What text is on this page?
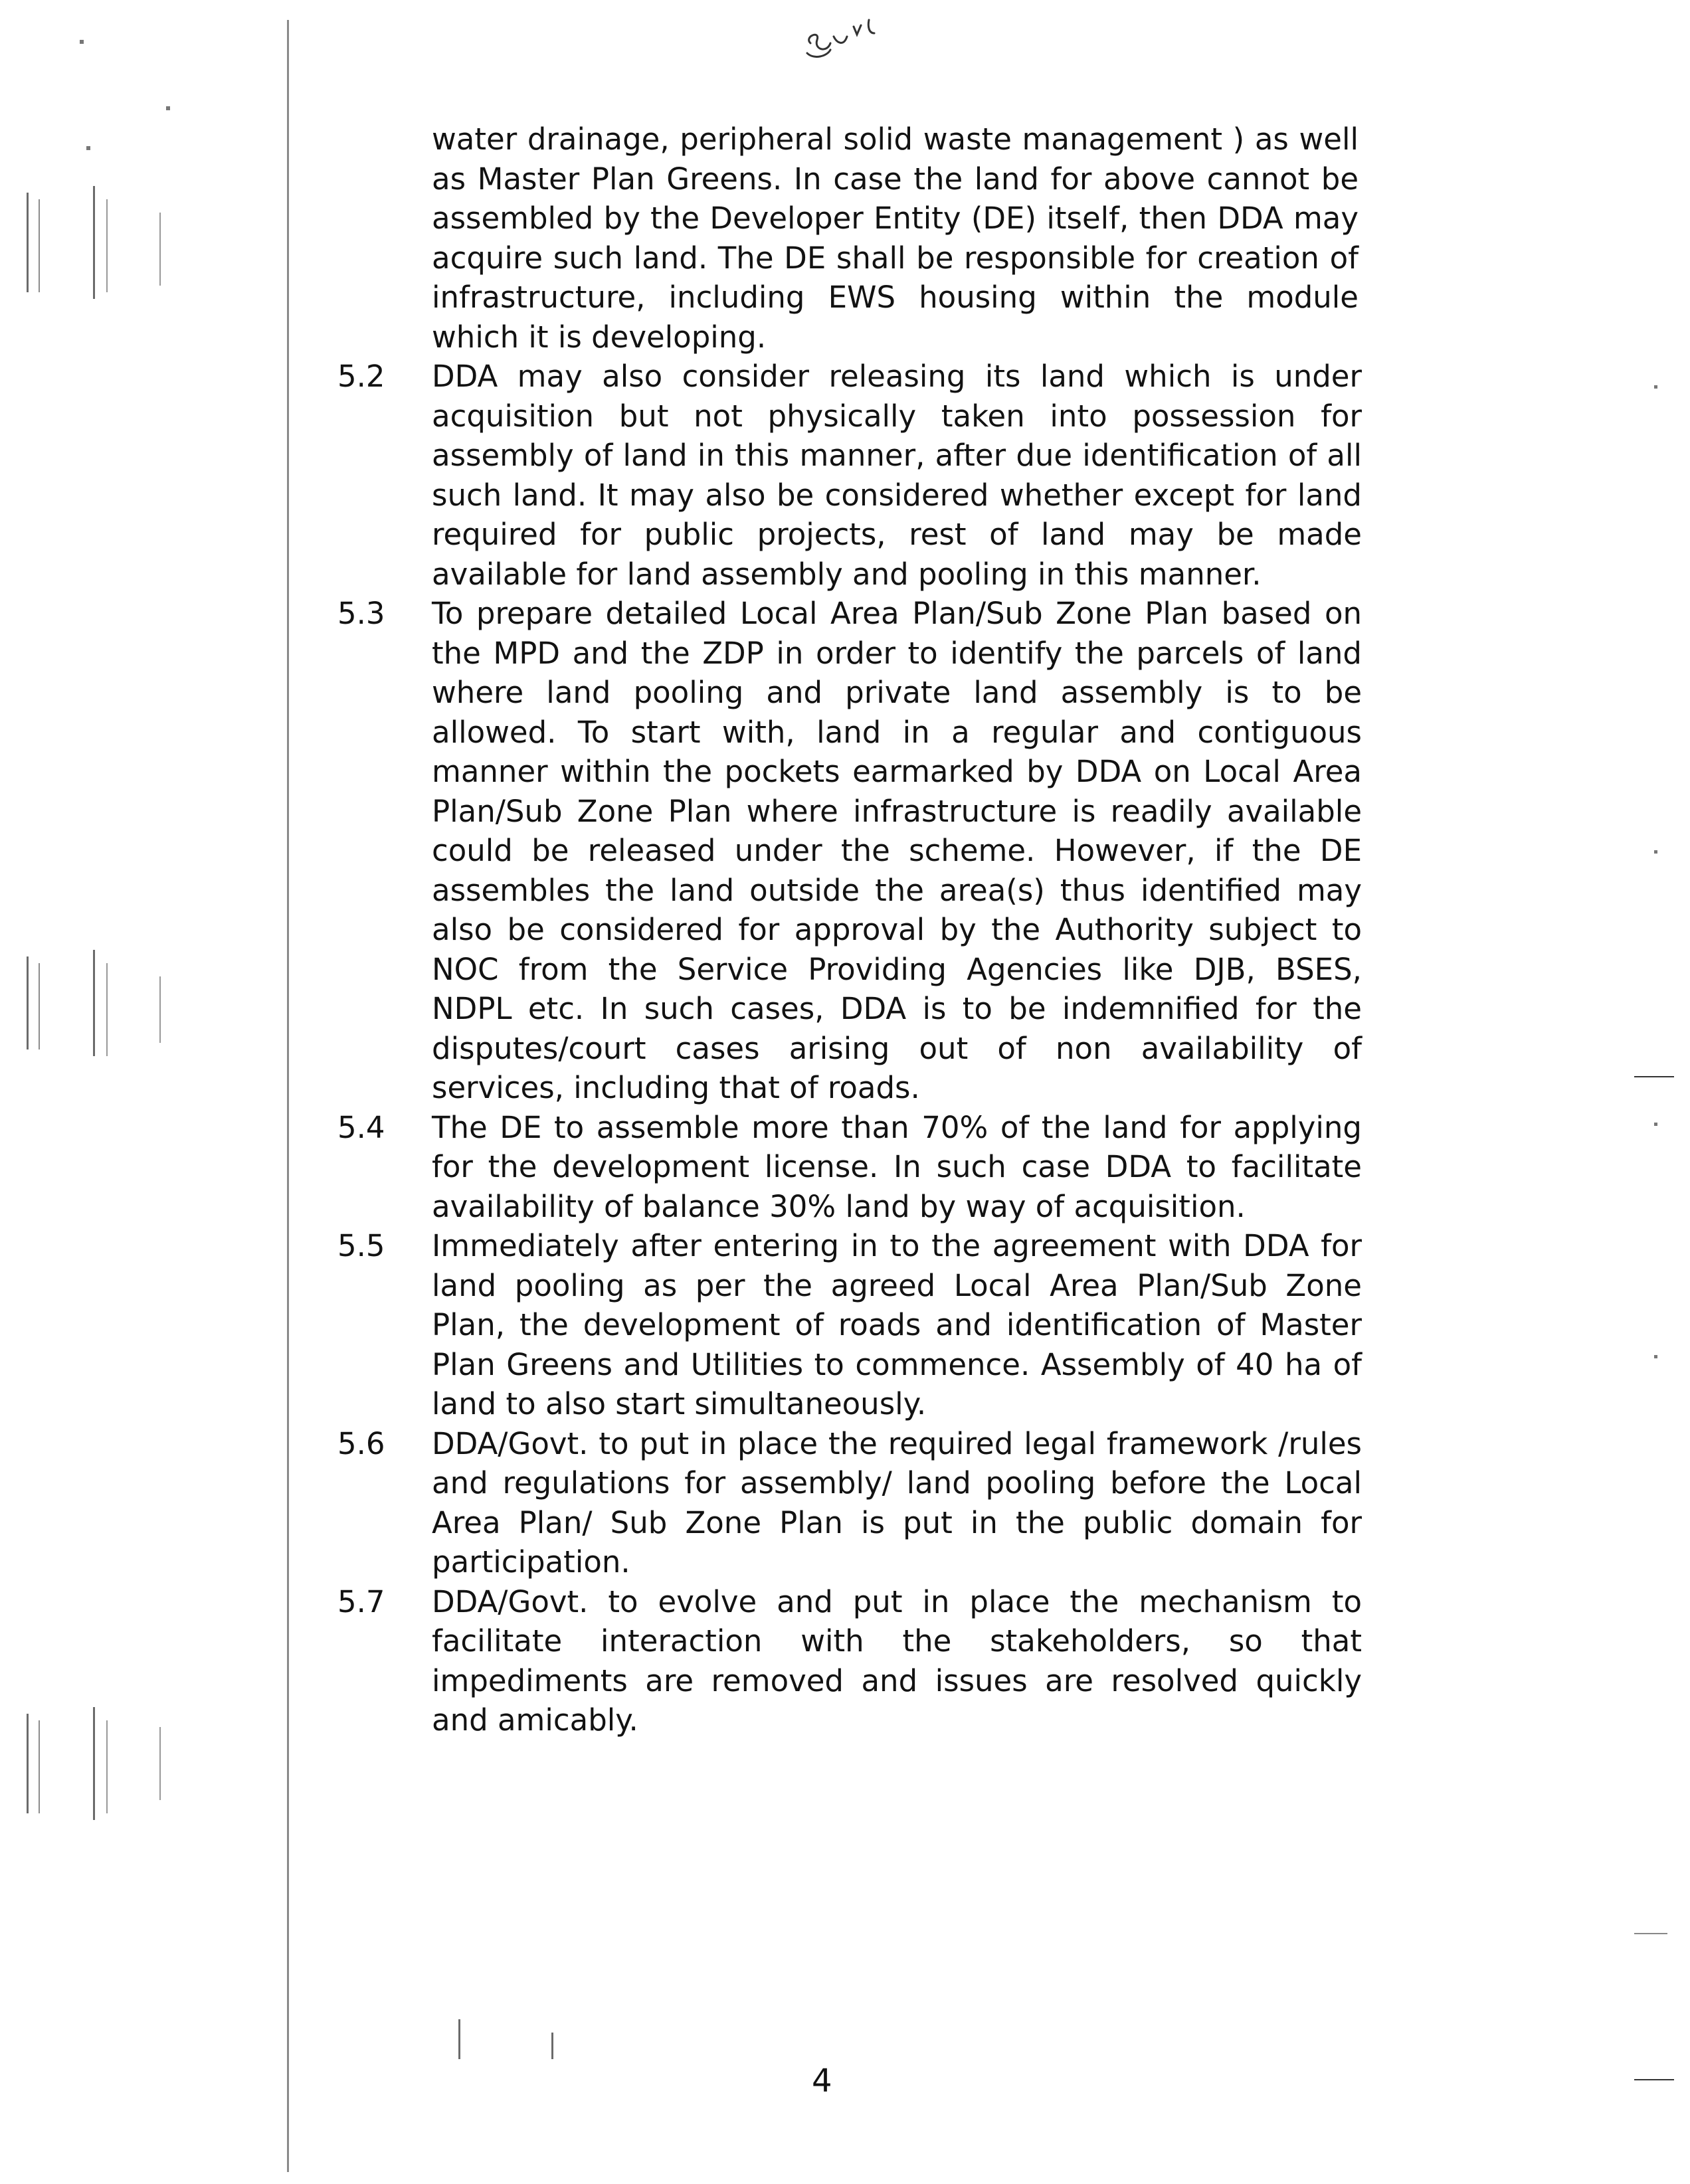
water drainage, peripheral solid waste management ) as well as Master Plan Greens. In case the land for above cannot be assembled by the Developer Entity (DE) itself, then DDA may acquire such land. The DE shall be responsible for creation of infrastructure, including EWS housing within the module which it is developing.

5.2	DDA may also consider releasing its land which is under acquisition but not physically taken into possession for assembly of land in this manner, after due identification of all such land. It may also be considered whether except for land required for public projects, rest of land may be made available for land assembly and pooling in this manner.
5.3	To prepare detailed Local Area Plan/Sub Zone Plan based on the MPD and the ZDP in order to identify the parcels of land where land pooling and private land assembly is to be allowed. To start with, land in a regular and contiguous manner within the pockets earmarked by DDA on Local Area Plan/Sub Zone Plan where infrastructure is readily available could be released under the scheme. However, if the DE assembles the land outside the area(s) thus identified may also be considered for approval by the Authority subject to NOC from the Service Providing Agencies like DJB, BSES, NDPL etc. In such cases, DDA is to be indemnified for the disputes/court cases arising out of non availability of services, including that of roads.
5.4	The DE to assemble more than 70% of the land for applying for the development license. In such case DDA to facilitate availability of balance 30% land by way of acquisition.
5.5	Immediately after entering in to the agreement with DDA for land pooling as per the agreed Local Area Plan/Sub Zone Plan, the development of roads and identification of Master Plan Greens and Utilities to commence. Assembly of 40 ha of land to also start simultaneously.
5.6	DDA/Govt. to put in place the required legal framework /rules and regulations for assembly/ land pooling before the Local Area Plan/ Sub Zone Plan is put in the public domain for participation.
5.7	DDA/Govt. to evolve and put in place the mechanism to facilitate interaction with the stakeholders, so that impediments are removed and issues are resolved quickly and amicably.
4
